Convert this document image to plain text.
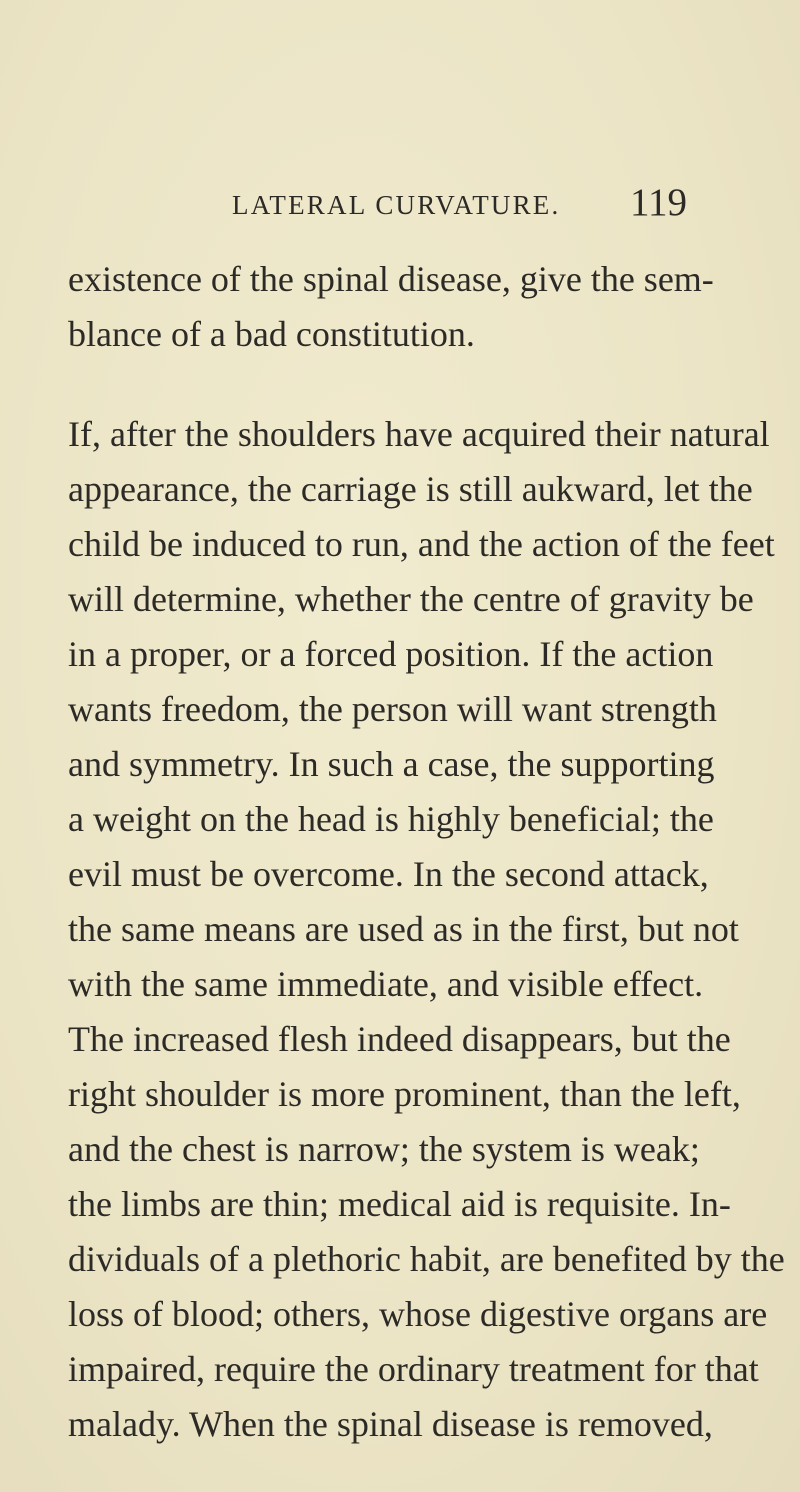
LATERAL CURVATURE. 119
existence of the spinal disease, give the sem-
blance of a bad constitution.
If, after the shoulders have acquired their natural
appearance, the carriage is still aukward, let the
child be induced to run, and the action of the feet
will determine, whether the centre of gravity be
in a proper, or a forced position. If the action
wants freedom, the person will want strength
and symmetry. In such a case, the supporting
a weight on the head is highly beneficial; the
evil must be overcome. In the second attack,
the same means are used as in the first, but not
with the same immediate, and visible effect.
The increased flesh indeed disappears, but the
right shoulder is more prominent, than the left,
and the chest is narrow; the system is weak;
the limbs are thin; medical aid is requisite. In-
dividuals of a plethoric habit, are benefited by the
loss of blood; others, whose digestive organs are
impaired, require the ordinary treatment for that
malady. When the spinal disease is removed,
